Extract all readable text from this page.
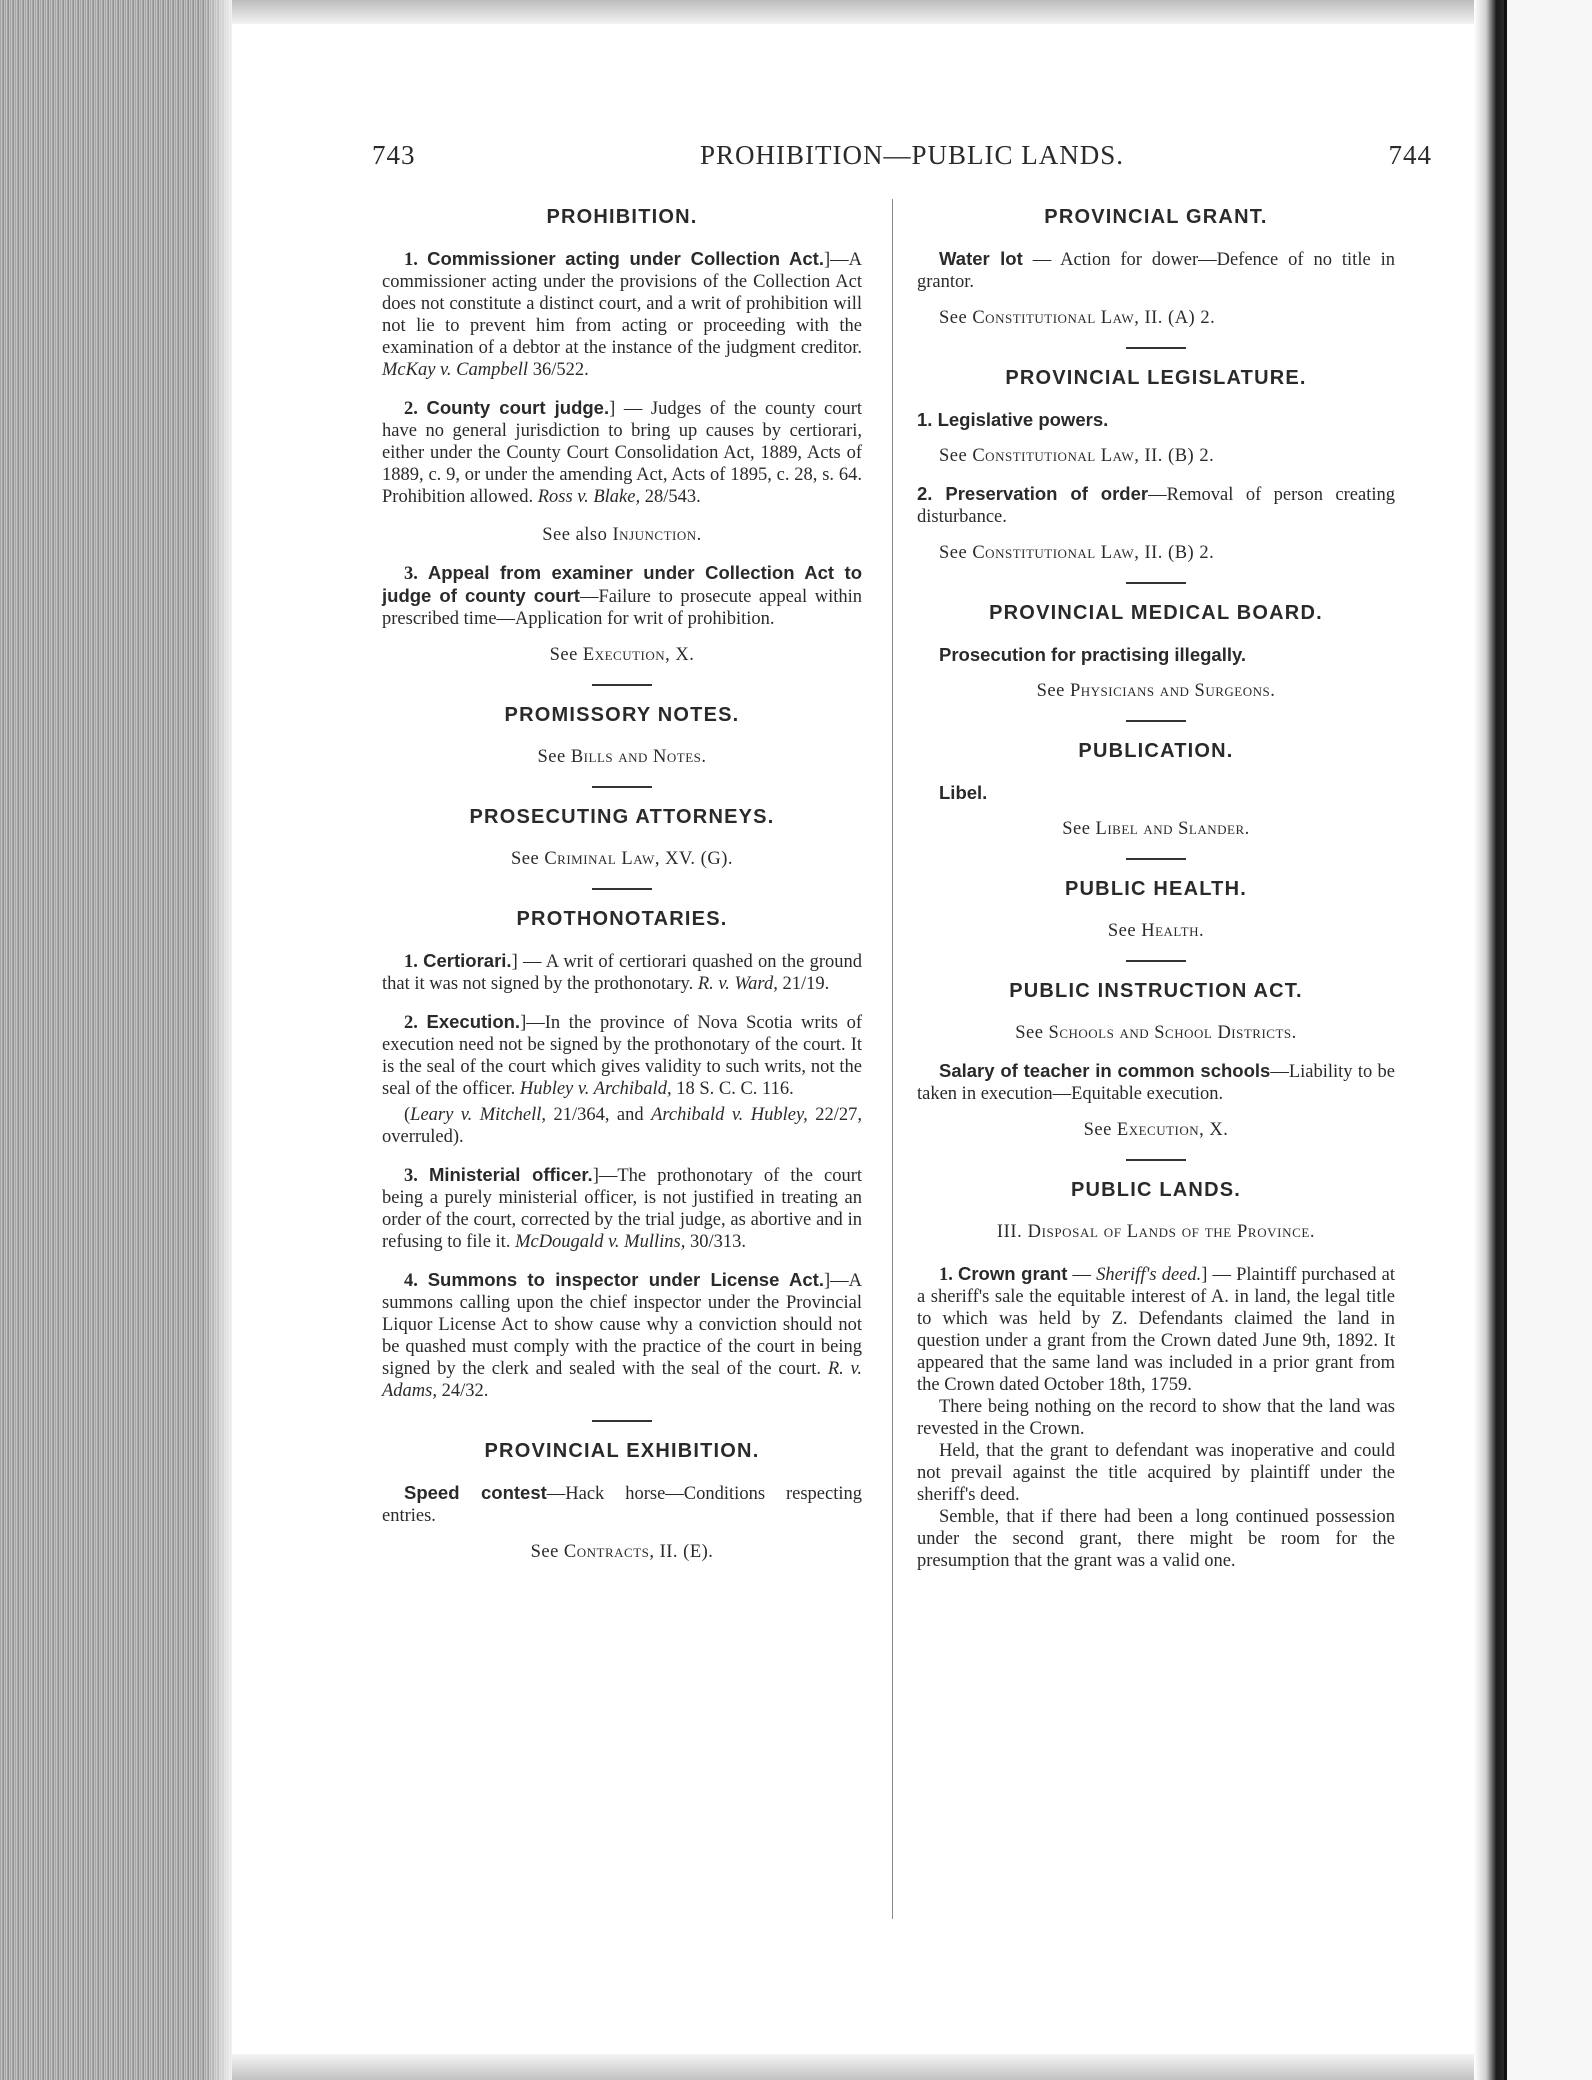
743	PROHIBITION—PUBLIC LANDS.	744
PROHIBITION.

1. Commissioner acting under Collection Act.]—A commissioner acting under the provisions of the Collection Act does not constitute a distinct court, and a writ of prohibition will not lie to prevent him from acting or proceeding with the examination of a debtor at the instance of the judgment creditor. McKay v. Campbell 36/522.

2. County court judge.] — Judges of the county court have no general jurisdiction to bring up causes by certiorari, either under the County Court Consolidation Act, 1889, Acts of 1889, c. 9, or under the amending Act, Acts of 1895, c. 28, s. 64. Prohibition allowed. Ross v. Blake, 28/543.

See also Injunction.

3. Appeal from examiner under Collection Act to judge of county court—Failure to prosecute appeal within prescribed time—Application for writ of prohibition.

See Execution, X.
PROMISSORY NOTES.
See Bills and Notes.
PROSECUTING ATTORNEYS.
See Criminal Law, XV. (G).
PROTHONOTARIES.

1. Certiorari.] — A writ of certiorari quashed on the ground that it was not signed by the prothonotary. R. v. Ward, 21/19.

2. Execution.]—In the province of Nova Scotia writs of execution need not be signed by the prothonotary of the court. It is the seal of the court which gives validity to such writs, not the seal of the officer. Hubley v. Archibald, 18 S. C. C. 116.

(Leary v. Mitchell, 21/364, and Archibald v. Hubley, 22/27, overruled).

3. Ministerial officer.]—The prothonotary of the court being a purely ministerial officer, is not justified in treating an order of the court, corrected by the trial judge, as abortive and in refusing to file it. McDougald v. Mullins, 30/313.

4. Summons to inspector under License Act.]—A summons calling upon the chief inspector under the Provincial Liquor License Act to show cause why a conviction should not be quashed must comply with the practice of the court in being signed by the clerk and sealed with the seal of the court. R. v. Adams, 24/32.

PROVINCIAL EXHIBITION.

Speed contest—Hack horse—Conditions respecting entries.

See Contracts, II. (E).
PROVINCIAL GRANT.

Water lot — Action for dower—Defence of no title in grantor.

See Constitutional Law, II. (A) 2.
PROVINCIAL LEGISLATURE.
1. Legislative powers.
See Constitutional Law, II. (B) 2.

2. Preservation of order—Removal of person creating disturbance.

See Constitutional Law, II. (B) 2.
PROVINCIAL MEDICAL BOARD.
Prosecution for practising illegally.
See Physicians and Surgeons.
PUBLICATION.
Libel.
See Libel and Slander.
PUBLIC HEALTH.
See Health.
PUBLIC INSTRUCTION ACT.
See Schools and School Districts.

Salary of teacher in common schools—Liability to be taken in execution—Equitable execution.

See Execution, X.
PUBLIC LANDS.
III. Disposal of Lands of the Province.

1. Crown grant — Sheriff's deed.] — Plaintiff purchased at a sheriff's sale the equitable interest of A. in land, the legal title to which was held by Z. Defendants claimed the land in question under a grant from the Crown dated June 9th, 1892. It appeared that the same land was included in a prior grant from the Crown dated October 18th, 1759.

There being nothing on the record to show that the land was revested in the Crown.

Held, that the grant to defendant was inoperative and could not prevail against the title acquired by plaintiff under the sheriff's deed.

Semble, that if there had been a long continued possession under the second grant, there might be room for the presumption that the grant was a valid one.
